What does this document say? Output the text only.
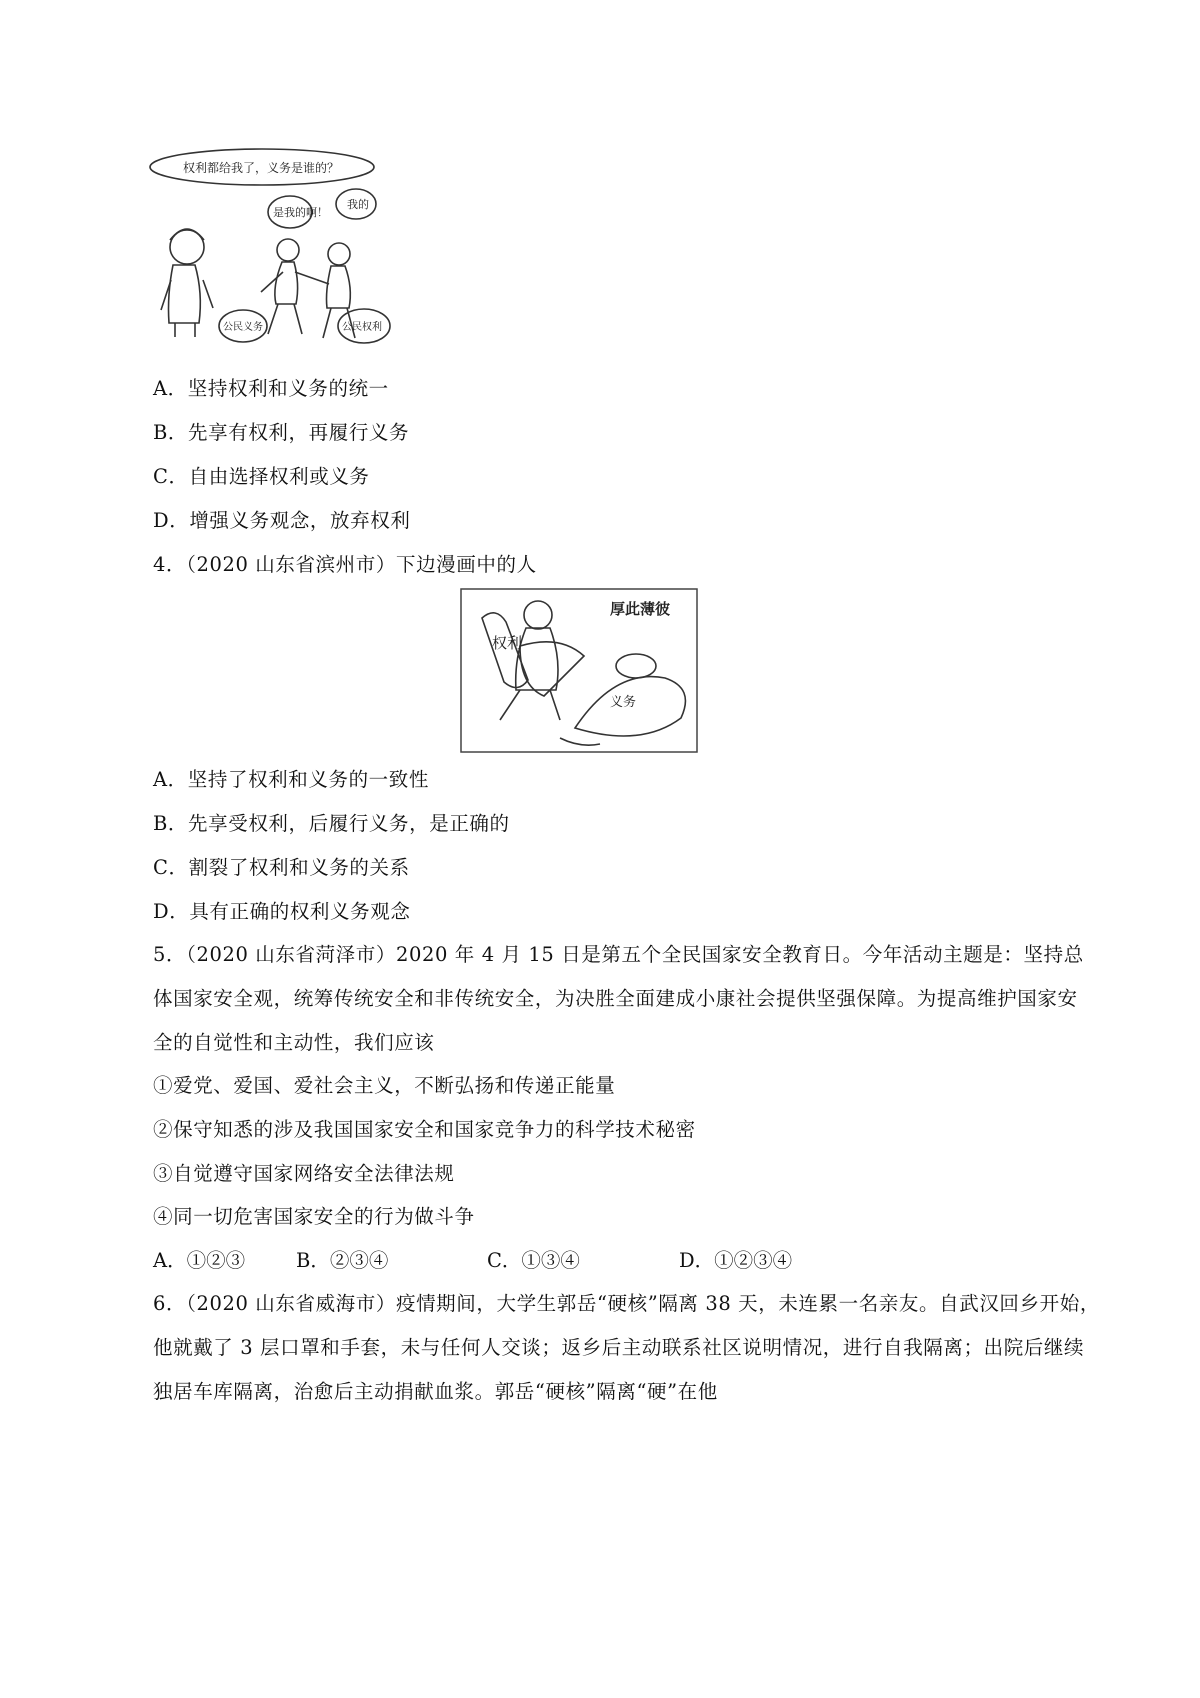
权利都给我了，义务是谁的？
是我的啊！
我的
公民义务	公民权利
A．坚持权利和义务的统一
B．先享有权利，再履行义务
C．自由选择权利或义务
D．增强义务观念，放弃权利
4．（2020 山东省滨州市）下边漫画中的人
厚此薄彼
权利
义务
A．坚持了权利和义务的一致性
B．先享受权利，后履行义务，是正确的
C．割裂了权利和义务的关系
D．具有正确的权利义务观念
5．（2020 山东省菏泽市）2020 年 4 月 15 日是第五个全民国家安全教育日。今年活动主题是：坚持总
体国家安全观，统筹传统安全和非传统安全，为决胜全面建成小康社会提供坚强保障。为提高维护国家安
全的自觉性和主动性，我们应该
①爱党、爱国、爱社会主义，不断弘扬和传递正能量
②保守知悉的涉及我国国家安全和国家竞争力的科学技术秘密
③自觉遵守国家网络安全法律法规
④同一切危害国家安全的行为做斗争
A．①②③	B．②③④	C．①③④	D．①②③④
6．（2020 山东省威海市）疫情期间，大学生郭岳“硬核”隔离 38 天，未连累一名亲友。自武汉回乡开始，
他就戴了 3 层口罩和手套，未与任何人交谈；返乡后主动联系社区说明情况，进行自我隔离；出院后继续
独居车库隔离，治愈后主动捐献血浆。郭岳“硬核”隔离“硬”在他
